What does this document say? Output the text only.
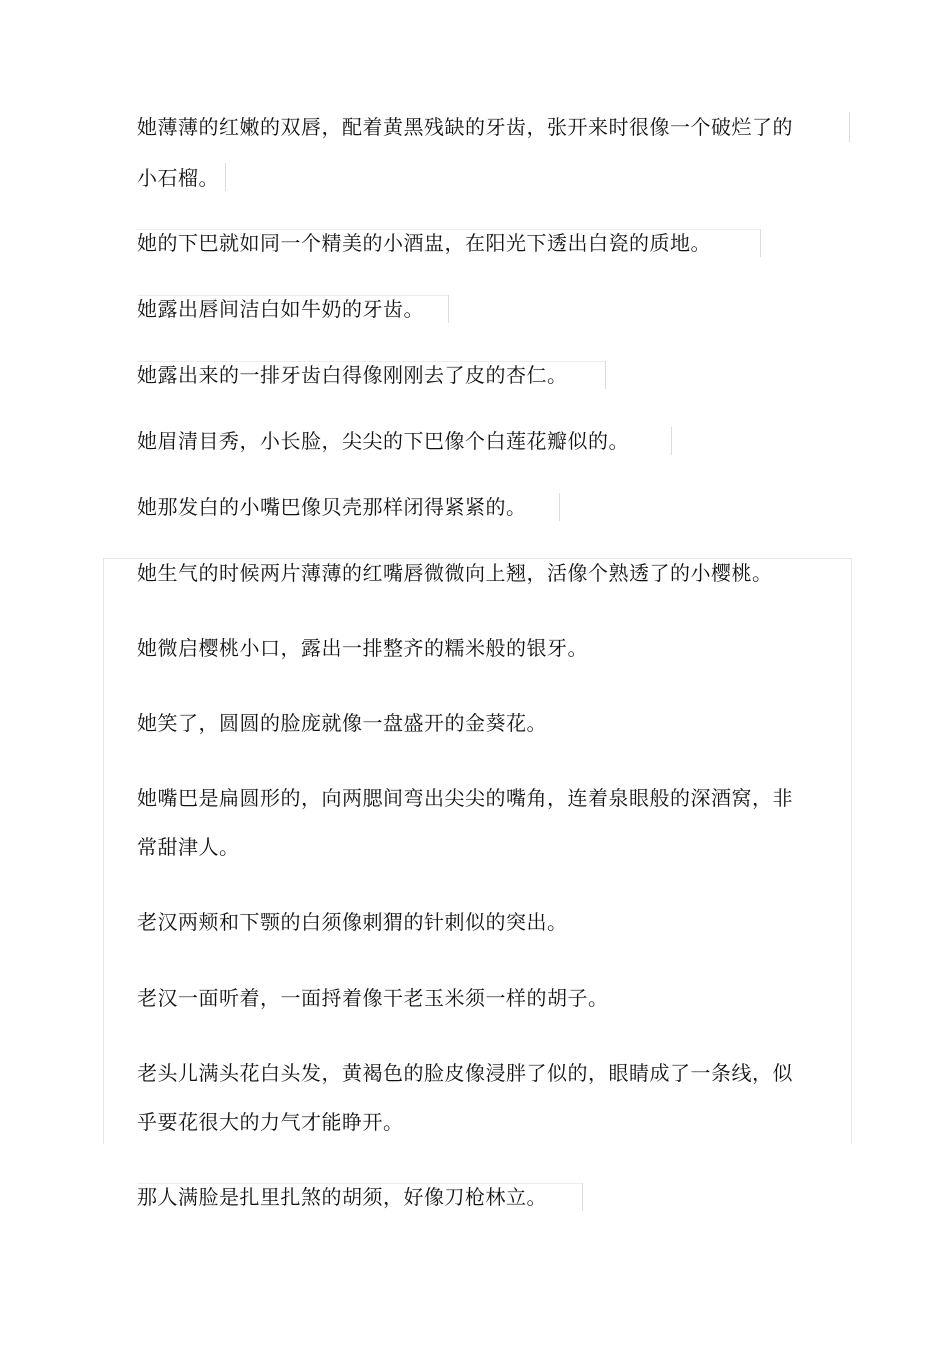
她薄薄的红嫩的双唇，配着黄黑残缺的牙齿，张开来时很像一个破烂了的
小石榴。
她的下巴就如同一个精美的小酒盅，在阳光下透出白瓷的质地。
她露出唇间洁白如牛奶的牙齿。
她露出来的一排牙齿白得像刚刚去了皮的杏仁。
她眉清目秀，小长脸，尖尖的下巴像个白莲花瓣似的。
她那发白的小嘴巴像贝壳那样闭得紧紧的。
她生气的时候两片薄薄的红嘴唇微微向上翘，活像个熟透了的小樱桃。
她微启樱桃小口，露出一排整齐的糯米般的银牙。
她笑了，圆圆的脸庞就像一盘盛开的金葵花。
她嘴巴是扁圆形的，向两腮间弯出尖尖的嘴角，连着泉眼般的深酒窝，非
常甜津人。
老汉两颊和下颚的白须像刺猬的针刺似的突出。
老汉一面听着，一面捋着像干老玉米须一样的胡子。
老头儿满头花白头发，黄褐色的脸皮像浸胖了似的，眼睛成了一条线，似
乎要花很大的力气才能睁开。
那人满脸是扎里扎煞的胡须，好像刀枪林立。
